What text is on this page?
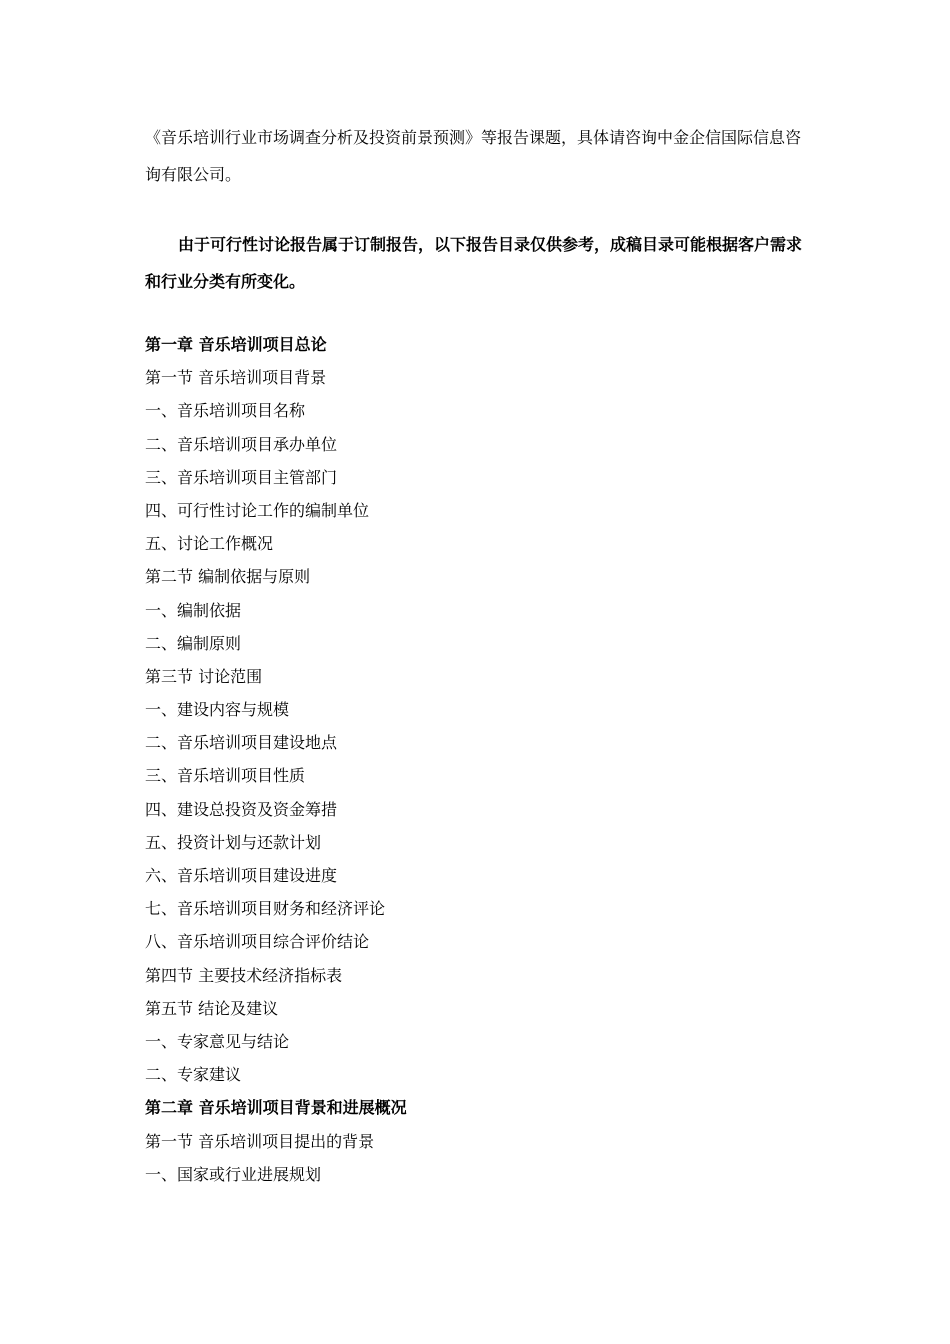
《音乐培训行业市场调查分析及投资前景预测》等报告课题，具体请咨询中金企信国际信息咨询有限公司。

由于可行性讨论报告属于订制报告，以下报告目录仅供参考，成稿目录可能根据客户需求和行业分类有所变化。

第一章 音乐培训项目总论
第一节 音乐培训项目背景
一、音乐培训项目名称
二、音乐培训项目承办单位
三、音乐培训项目主管部门
四、可行性讨论工作的编制单位
五、讨论工作概况
第二节 编制依据与原则
一、编制依据
二、编制原则
第三节 讨论范围
一、建设内容与规模
二、音乐培训项目建设地点
三、音乐培训项目性质
四、建设总投资及资金筹措
五、投资计划与还款计划
六、音乐培训项目建设进度
七、音乐培训项目财务和经济评论
八、音乐培训项目综合评价结论
第四节 主要技术经济指标表
第五节 结论及建议
一、专家意见与结论
二、专家建议
第二章 音乐培训项目背景和进展概况
第一节 音乐培训项目提出的背景
一、国家或行业进展规划
